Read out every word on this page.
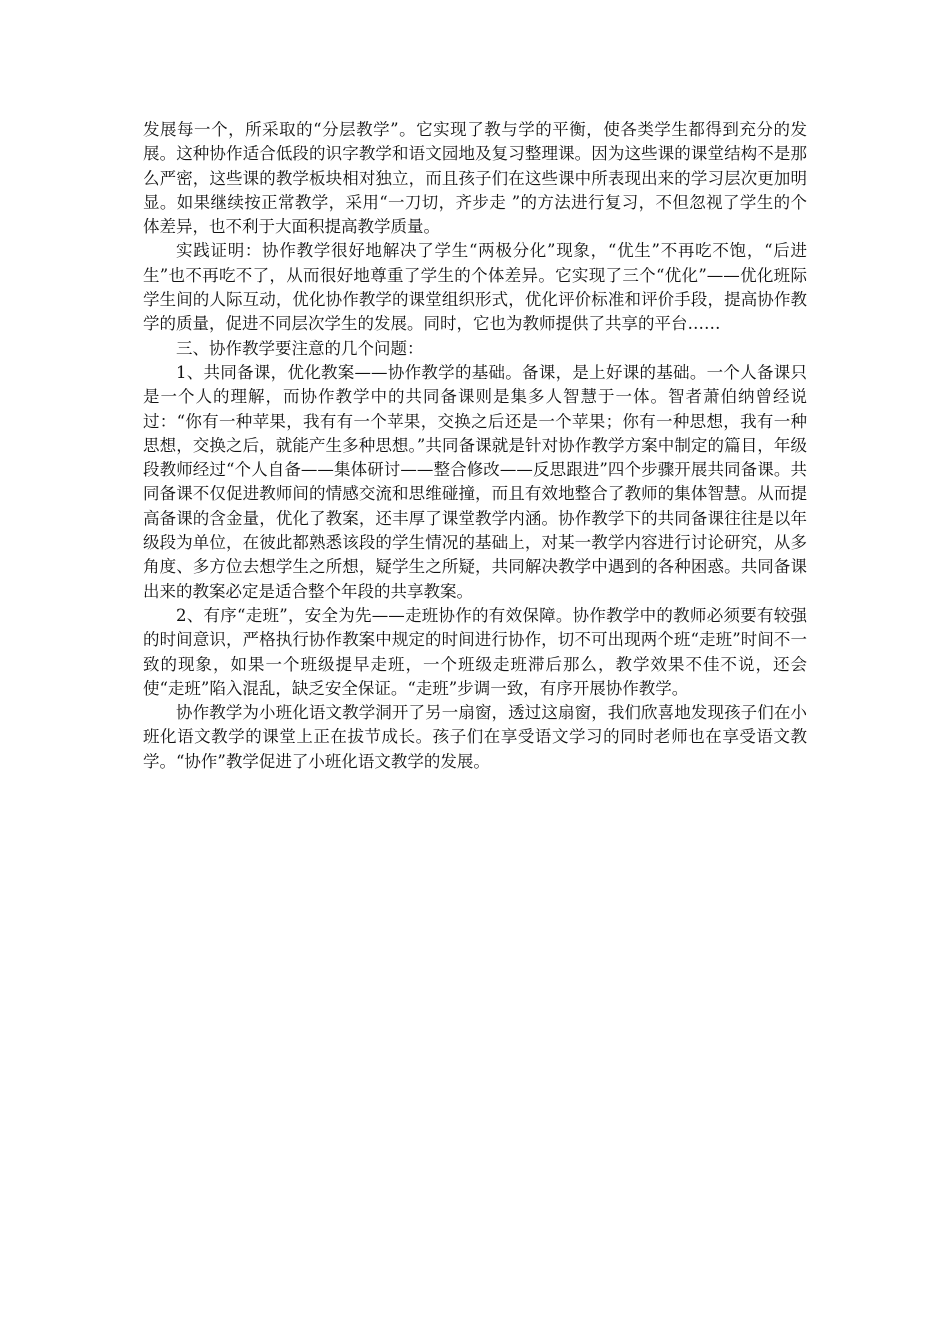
发展每一个，所采取的“分层教学”。它实现了教与学的平衡，使各类学生都得到充分的发展。这种协作适合低段的识字教学和语文园地及复习整理课。因为这些课的课堂结构不是那么严密，这些课的教学板块相对独立，而且孩子们在这些课中所表现出来的学习层次更加明显。如果继续按正常教学，采用“一刀切，齐步走 ”的方法进行复习，不但忽视了学生的个体差异，也不利于大面积提高教学质量。

实践证明：协作教学很好地解决了学生“两极分化”现象，“优生”不再吃不饱，“后进生”也不再吃不了，从而很好地尊重了学生的个体差异。它实现了三个“优化”——优化班际学生间的人际互动，优化协作教学的课堂组织形式，优化评价标准和评价手段，提高协作教学的质量，促进不同层次学生的发展。同时，它也为教师提供了共享的平台……

三、协作教学要注意的几个问题：

1、共同备课，优化教案——协作教学的基础。备课，是上好课的基础。一个人备课只是一个人的理解，而协作教学中的共同备课则是集多人智慧于一体。智者萧伯纳曾经说过：“你有一种苹果，我有有一个苹果，交换之后还是一个苹果；你有一种思想，我有一种思想，交换之后，就能产生多种思想。”共同备课就是针对协作教学方案中制定的篇目，年级段教师经过“个人自备——集体研讨——整合修改——反思跟进”四个步骤开展共同备课。共同备课不仅促进教师间的情感交流和思维碰撞，而且有效地整合了教师的集体智慧。从而提高备课的含金量，优化了教案，还丰厚了课堂教学内涵。协作教学下的共同备课往往是以年级段为单位，在彼此都熟悉该段的学生情况的基础上，对某一教学内容进行讨论研究，从多角度、多方位去想学生之所想，疑学生之所疑，共同解决教学中遇到的各种困惑。共同备课出来的教案必定是适合整个年段的共享教案。

2、有序“走班”，安全为先——走班协作的有效保障。协作教学中的教师必须要有较强的时间意识，严格执行协作教案中规定的时间进行协作，切不可出现两个班“走班”时间不一致的现象，如果一个班级提早走班，一个班级走班滞后那么，教学效果不佳不说，还会使“走班”陷入混乱，缺乏安全保证。“走班”步调一致，有序开展协作教学。

协作教学为小班化语文教学洞开了另一扇窗，透过这扇窗，我们欣喜地发现孩子们在小班化语文教学的课堂上正在拔节成长。孩子们在享受语文学习的同时老师也在享受语文教学。“协作”教学促进了小班化语文教学的发展。
